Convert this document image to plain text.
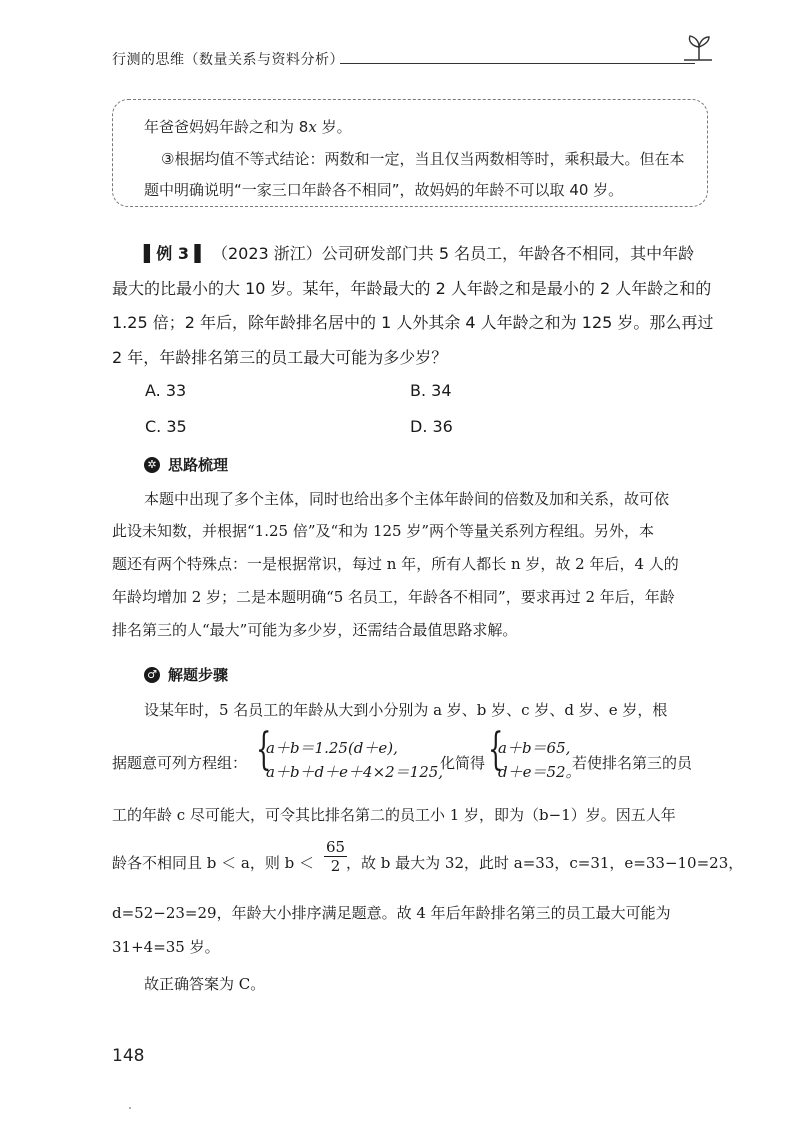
行测的思维（数量关系与资料分析）
年爸爸妈妈年龄之和为 8x 岁。
③根据均值不等式结论：两数和一定，当且仅当两数相等时，乘积最大。但在本
题中明确说明“一家三口年龄各不相同”，故妈妈的年龄不可以取 40 岁。
▌例 3 ▌ （2023 浙江）公司研发部门共 5 名员工，年龄各不相同，其中年龄
最大的比最小的大 10 岁。某年，年龄最大的 2 人年龄之和是最小的 2 人年龄之和的
1.25 倍；2 年后，除年龄排名居中的 1 人外其余 4 人年龄之和为 125 岁。那么再过
2 年，年龄排名第三的员工最大可能为多少岁？
A. 33	B. 34
C. 35	D. 36
✲ 思路梳理
本题中出现了多个主体，同时也给出多个主体年龄间的倍数及加和关系，故可依
此设未知数，并根据“1.25 倍”及“和为 125 岁”两个等量关系列方程组。另外，本
题还有两个特殊点：一是根据常识，每过 n 年，所有人都长 n 岁，故 2 年后，4 人的
年龄均增加 2 岁；二是本题明确“5 名员工，年龄各不相同”，要求再过 2 年后，年龄
排名第三的人“最大”可能为多少岁，还需结合最值思路求解。
♂ 解题步骤
设某年时，5 名员工的年龄从大到小分别为 a 岁、b 岁、c 岁、d 岁、e 岁，根
据题意可列方程组： {
a＋b＝1.25(d＋e),
a＋b＋d＋e＋4×2＝125,
化简得 {
a＋b＝65,
d＋e＝52。
若使排名第三的员
工的年龄 c 尽可能大，可令其比排名第二的员工小 1 岁，即为（b−1）岁。因五人年
龄各不相同且 b ＜ a，则 $b < \frac{65}{2}$
，故 b 最大为 32，此时 a=33，c=31，e=33−10=23，
d=52−23=29，年龄大小排序满足题意。故 4 年后年龄排名第三的员工最大可能为
31+4=35 岁。
故正确答案为 C。
148
